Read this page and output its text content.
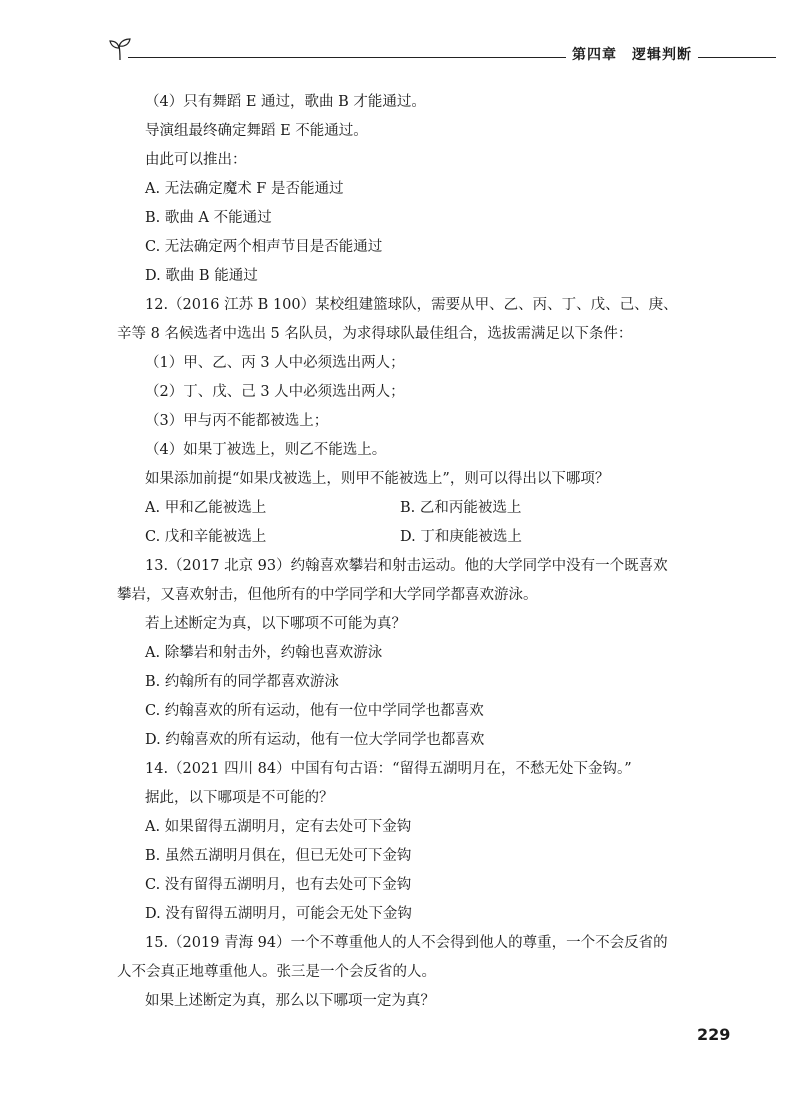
第四章　逻辑判断
（4）只有舞蹈 E 通过，歌曲 B 才能通过。
导演组最终确定舞蹈 E 不能通过。
由此可以推出：
A. 无法确定魔术 F 是否能通过
B. 歌曲 A 不能通过
C. 无法确定两个相声节目是否能通过
D. 歌曲 B 能通过
12.（2016 江苏 B 100）某校组建篮球队，需要从甲、乙、丙、丁、戊、己、庚、
辛等 8 名候选者中选出 5 名队员，为求得球队最佳组合，选拔需满足以下条件：
（1）甲、乙、丙 3 人中必须选出两人；
（2）丁、戊、己 3 人中必须选出两人；
（3）甲与丙不能都被选上；
（4）如果丁被选上，则乙不能选上。
如果添加前提“如果戊被选上，则甲不能被选上”，则可以得出以下哪项？
A. 甲和乙能被选上	B. 乙和丙能被选上
C. 戊和辛能被选上	D. 丁和庚能被选上
13.（2017 北京 93）约翰喜欢攀岩和射击运动。他的大学同学中没有一个既喜欢
攀岩，又喜欢射击，但他所有的中学同学和大学同学都喜欢游泳。
若上述断定为真，以下哪项不可能为真？
A. 除攀岩和射击外，约翰也喜欢游泳
B. 约翰所有的同学都喜欢游泳
C. 约翰喜欢的所有运动，他有一位中学同学也都喜欢
D. 约翰喜欢的所有运动，他有一位大学同学也都喜欢
14.（2021 四川 84）中国有句古语：“留得五湖明月在，不愁无处下金钩。”
据此，以下哪项是不可能的？
A. 如果留得五湖明月，定有去处可下金钩
B. 虽然五湖明月俱在，但已无处可下金钩
C. 没有留得五湖明月，也有去处可下金钩
D. 没有留得五湖明月，可能会无处下金钩
15.（2019 青海 94）一个不尊重他人的人不会得到他人的尊重，一个不会反省的
人不会真正地尊重他人。张三是一个会反省的人。
如果上述断定为真，那么以下哪项一定为真？
229
